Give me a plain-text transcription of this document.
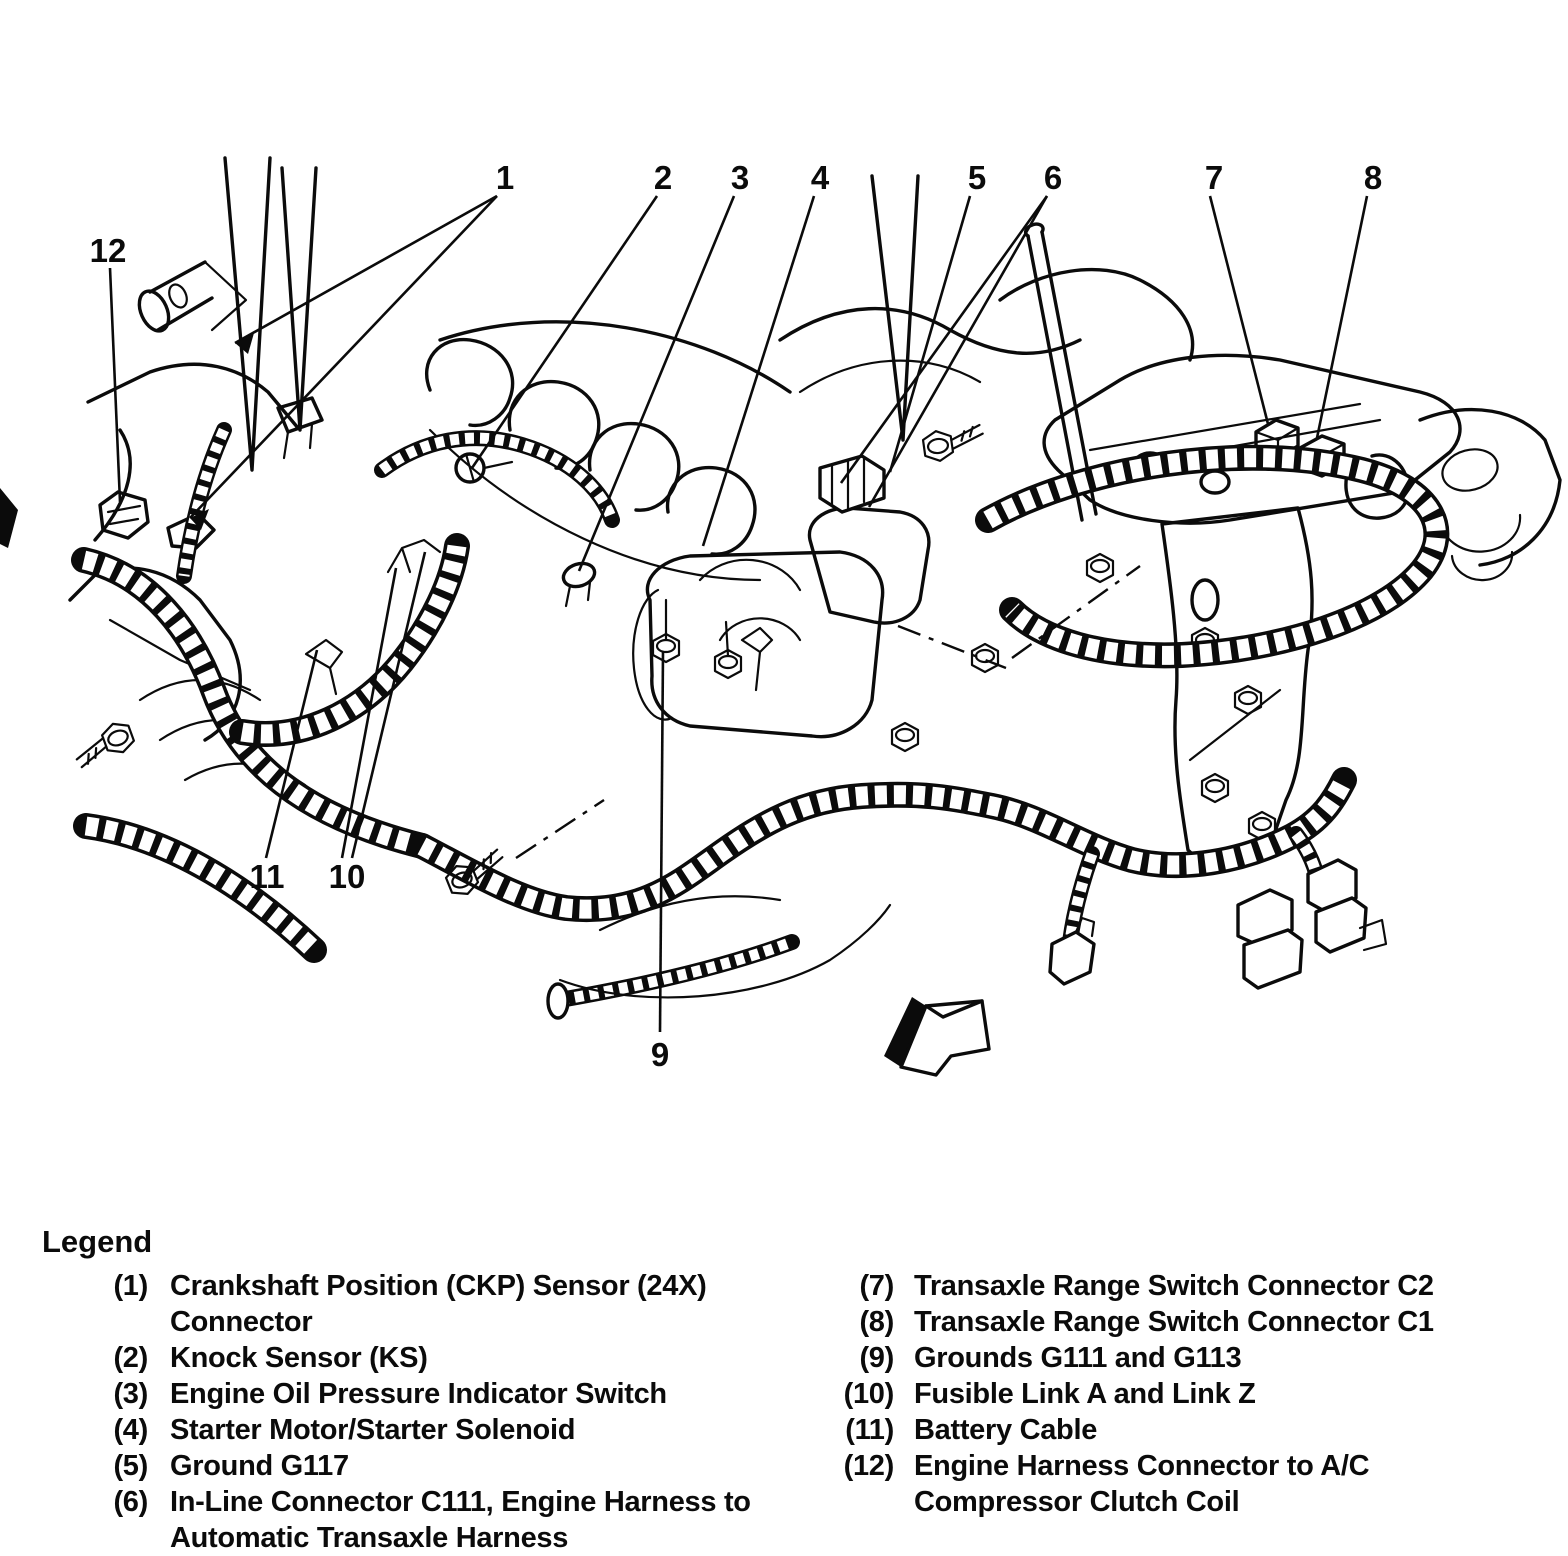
1	2 3 4	5 6	7	8
9
10
11
12
Legend
(1) Crankshaft Position (CKP) Sensor (24X) Connector
(2) Knock Sensor (KS)
(3) Engine Oil Pressure Indicator Switch
(4) Starter Motor/Starter Solenoid
(5) Ground G117
(6) In-Line Connector C111, Engine Harness to Automatic Transaxle Harness
(7) Transaxle Range Switch Connector C2
(8) Transaxle Range Switch Connector C1
(9) Grounds G111 and G113
(10) Fusible Link A and Link Z
(11) Battery Cable
(12) Engine Harness Connector to A/C Compressor Clutch Coil
